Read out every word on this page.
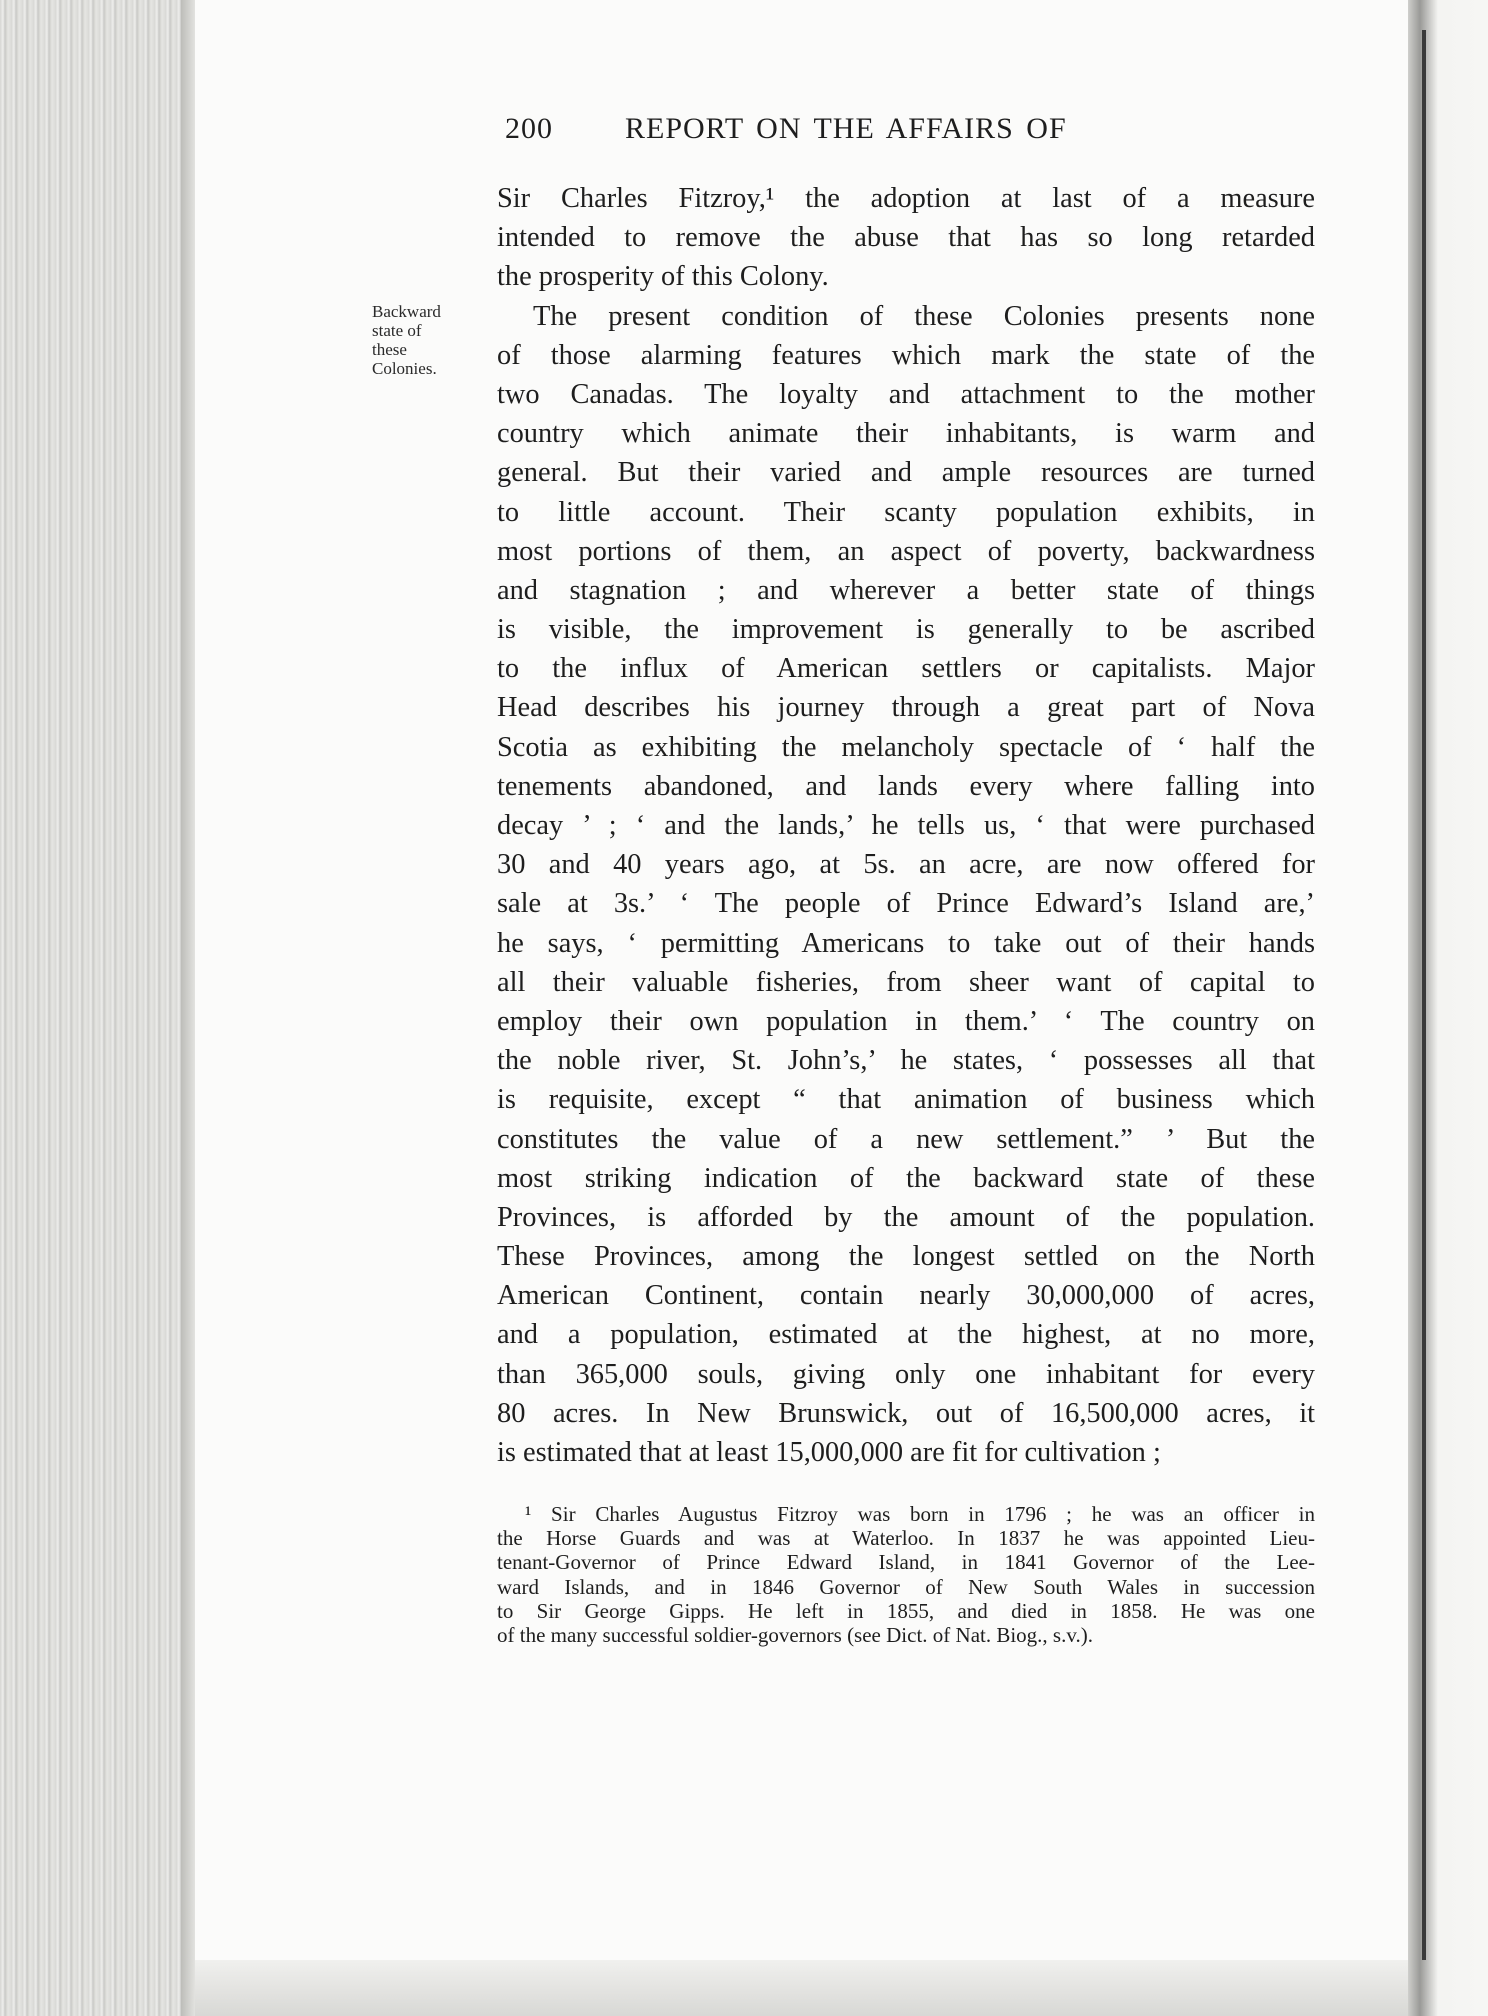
200 REPORT ON THE AFFAIRS OF
Backward
state of
these
Colonies.
Sir Charles Fitzroy,¹ the adoption at last of a measure
intended to remove the abuse that has so long retarded
the prosperity of this Colony.
The present condition of these Colonies presents none
of those alarming features which mark the state of the
two Canadas. The loyalty and attachment to the mother
country which animate their inhabitants, is warm and
general. But their varied and ample resources are turned
to little account. Their scanty population exhibits, in
most portions of them, an aspect of poverty, backwardness
and stagnation ; and wherever a better state of things
is visible, the improvement is generally to be ascribed
to the influx of American settlers or capitalists. Major
Head describes his journey through a great part of Nova
Scotia as exhibiting the melancholy spectacle of ‘ half the
tenements abandoned, and lands every where falling into
decay ’ ; ‘ and the lands,’ he tells us, ‘ that were purchased
30 and 40 years ago, at 5s. an acre, are now offered for
sale at 3s.’ ‘ The people of Prince Edward’s Island are,’
he says, ‘ permitting Americans to take out of their hands
all their valuable fisheries, from sheer want of capital to
employ their own population in them.’ ‘ The country on
the noble river, St. John’s,’ he states, ‘ possesses all that
is requisite, except “ that animation of business which
constitutes the value of a new settlement.” ’ But the
most striking indication of the backward state of these
Provinces, is afforded by the amount of the population.
These Provinces, among the longest settled on the North
American Continent, contain nearly 30,000,000 of acres,
and a population, estimated at the highest, at no more,
than 365,000 souls, giving only one inhabitant for every
80 acres. In New Brunswick, out of 16,500,000 acres, it
is estimated that at least 15,000,000 are fit for cultivation ;
¹ Sir Charles Augustus Fitzroy was born in 1796 ; he was an officer in
the Horse Guards and was at Waterloo. In 1837 he was appointed Lieu-
tenant-Governor of Prince Edward Island, in 1841 Governor of the Lee-
ward Islands, and in 1846 Governor of New South Wales in succession
to Sir George Gipps. He left in 1855, and died in 1858. He was one
of the many successful soldier-governors (see Dict. of Nat. Biog., s.v.).
